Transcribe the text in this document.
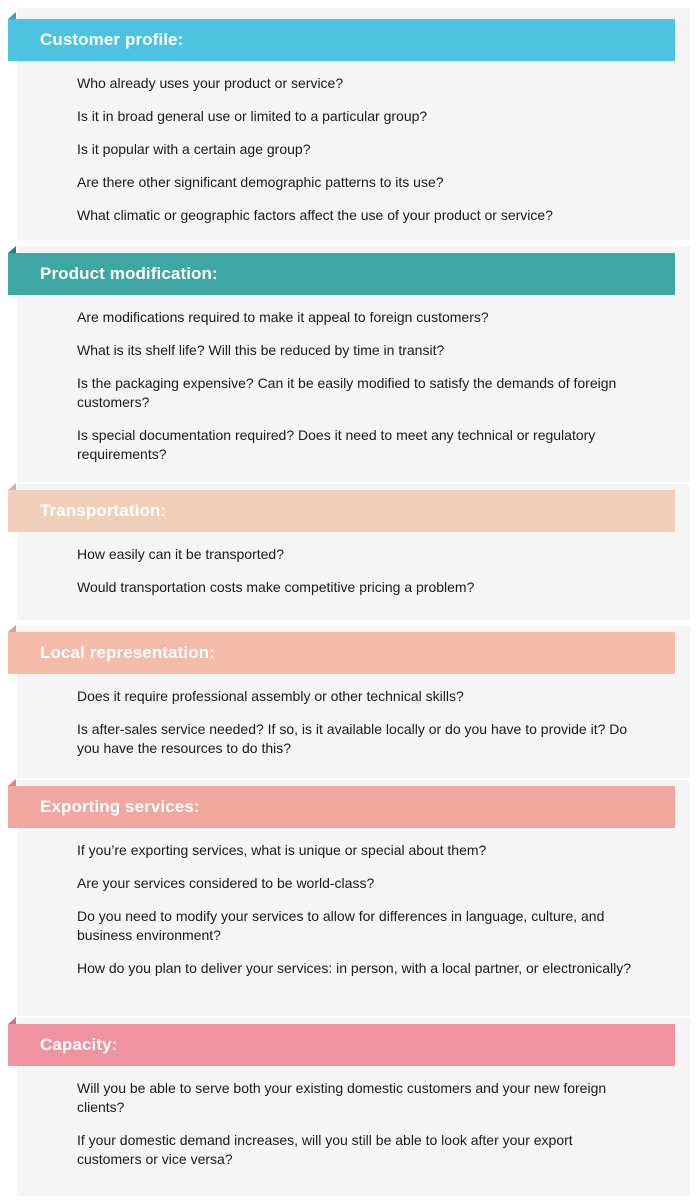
Customer profile:
Who already uses your product or service?
Is it in broad general use or limited to a particular group?
Is it popular with a certain age group?
Are there other significant demographic patterns to its use?
What climatic or geographic factors affect the use of your product or service?
Product modification:
Are modifications required to make it appeal to foreign customers?
What is its shelf life? Will this be reduced by time in transit?
Is the packaging expensive? Can it be easily modified to satisfy the demands of foreign customers?
Is special documentation required? Does it need to meet any technical or regulatory requirements?
Transportation:
How easily can it be transported?
Would transportation costs make competitive pricing a problem?
Local representation:
Does it require professional assembly or other technical skills?
Is after-sales service needed? If so, is it available locally or do you have to provide it? Do you have the resources to do this?
Exporting services:
If you’re exporting services, what is unique or special about them?
Are your services considered to be world-class?
Do you need to modify your services to allow for differences in language, culture, and business environment?
How do you plan to deliver your services: in person, with a local partner, or electronically?
Capacity:
Will you be able to serve both your existing domestic customers and your new foreign clients?
If your domestic demand increases, will you still be able to look after your export customers or vice versa?
